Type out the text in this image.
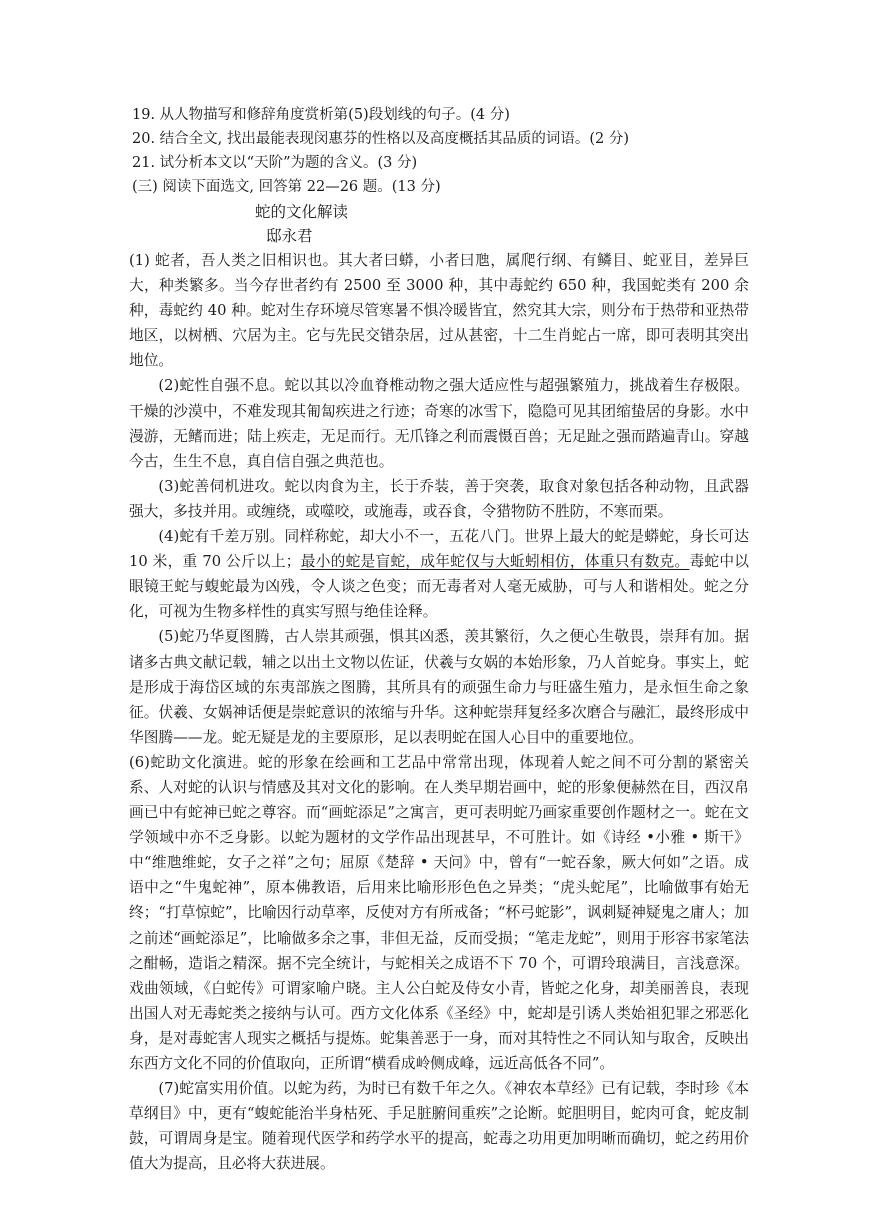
19. 从人物描写和修辞角度赏析第(5)段划线的句子。(4 分)
20. 结合全文, 找出最能表现闵惠芬的性格以及高度概括其品质的词语。(2 分)
21. 试分析本文以“天阶”为题的含义。(3 分)
(三) 阅读下面选文, 回答第 22—26 题。(13 分)
蛇的文化解读
邸永君

(1) 蛇者，吾人类之旧相识也。其大者曰蟒，小者曰虺，属爬行纲、有鳞目、蛇亚目，差异巨大，种类繁多。当今存世者约有 2500 至 3000 种，其中毒蛇约 650 种，我国蛇类有 200 余种，毒蛇约 40 种。蛇对生存环境尽管寒暑不惧冷暖皆宜，然究其大宗，则分布于热带和亚热带地区，以树栖、穴居为主。它与先民交错杂居，过从甚密，十二生肖蛇占一席，即可表明其突出地位。

(2)蛇性自强不息。蛇以其以冷血脊椎动物之强大适应性与超强繁殖力，挑战着生存极限。干燥的沙漠中，不难发现其匍匐疾进之行迹；奇寒的冰雪下，隐隐可见其团缩蛰居的身影。水中漫游，无鳍而进；陆上疾走，无足而行。无爪锋之利而震慑百兽；无足趾之强而踏遍青山。穿越今古，生生不息，真自信自强之典范也。

(3)蛇善伺机进攻。蛇以肉食为主，长于乔装，善于突袭，取食对象包括各种动物，且武器强大，多技并用。或缠绕，或噬咬，或施毒，或吞食，令猎物防不胜防，不寒而栗。

(4)蛇有千差万别。同样称蛇，却大小不一，五花八门。世界上最大的蛇是蟒蛇，身长可达 10 米，重 70 公斤以上；最小的蛇是盲蛇，成年蛇仅与大蚯蚓相仿，体重只有数克。毒蛇中以眼镜王蛇与蝮蛇最为凶残，令人谈之色变；而无毒者对人毫无威胁，可与人和谐相处。蛇之分化，可视为生物多样性的真实写照与绝佳诠释。

(5)蛇乃华夏图腾，古人崇其顽强，惧其凶悉，羡其繁衍，久之便心生敬畏，崇拜有加。据诸多古典文献记载，辅之以出土文物以佐证，伏羲与女娲的本始形象，乃人首蛇身。事实上，蛇是形成于海岱区域的东夷部族之图腾，其所具有的顽强生命力与旺盛生殖力，是永恒生命之象征。伏羲、女娲神话便是崇蛇意识的浓缩与升华。这种蛇崇拜复经多次磨合与融汇，最终形成中华图腾——龙。蛇无疑是龙的主要原形，足以表明蛇在国人心目中的重要地位。

(6)蛇助文化演进。蛇的形象在绘画和工艺品中常常出现，体现着人蛇之间不可分割的紧密关系、人对蛇的认识与情感及其对文化的影响。在人类早期岩画中，蛇的形象便赫然在目，西汉帛画已中有蛇神已蛇之尊容。而“画蛇添足”之寓言，更可表明蛇乃画家重要创作题材之一。蛇在文学领域中亦不乏身影。以蛇为题材的文学作品出现甚早，不可胜计。如《诗经 •小雅 • 斯干》中“维虺维蛇，女子之祥”之句；屈原《楚辞 • 天问》中，曾有“一蛇吞象，厥大何如”之语。成语中之“牛鬼蛇神”，原本佛教语，后用来比喻形形色色之异类；“虎头蛇尾”，比喻做事有始无终；“打草惊蛇”，比喻因行动草率，反使对方有所戒备；“杯弓蛇影”，讽刺疑神疑鬼之庸人；加之前述“画蛇添足”，比喻做多余之事，非但无益，反而受损；“笔走龙蛇”，则用于形容书家笔法之酣畅，造诣之精深。据不完全统计，与蛇相关之成语不下 70 个，可谓玲琅满目，言浅意深。戏曲领域，《白蛇传》可谓家喻户晓。主人公白蛇及侍女小青，皆蛇之化身，却美丽善良，表现出国人对无毒蛇类之接纳与认可。西方文化体系《圣经》中，蛇却是引诱人类始祖犯罪之邪恶化身，是对毒蛇害人现实之概括与提炼。蛇集善恶于一身，而对其特性之不同认知与取舍，反映出东西方文化不同的价值取向，正所谓“横看成岭侧成峰，远近高低各不同”。

(7)蛇富实用价值。以蛇为药，为时已有数千年之久。《神农本草经》已有记载，李时珍《本草纲目》中，更有“蝮蛇能治半身枯死、手足脏腑间重疾”之论断。蛇胆明目，蛇肉可食，蛇皮制鼓，可谓周身是宝。随着现代医学和药学水平的提高，蛇毒之功用更加明晰而确切，蛇之药用价值大为提高，且必将大获进展。
